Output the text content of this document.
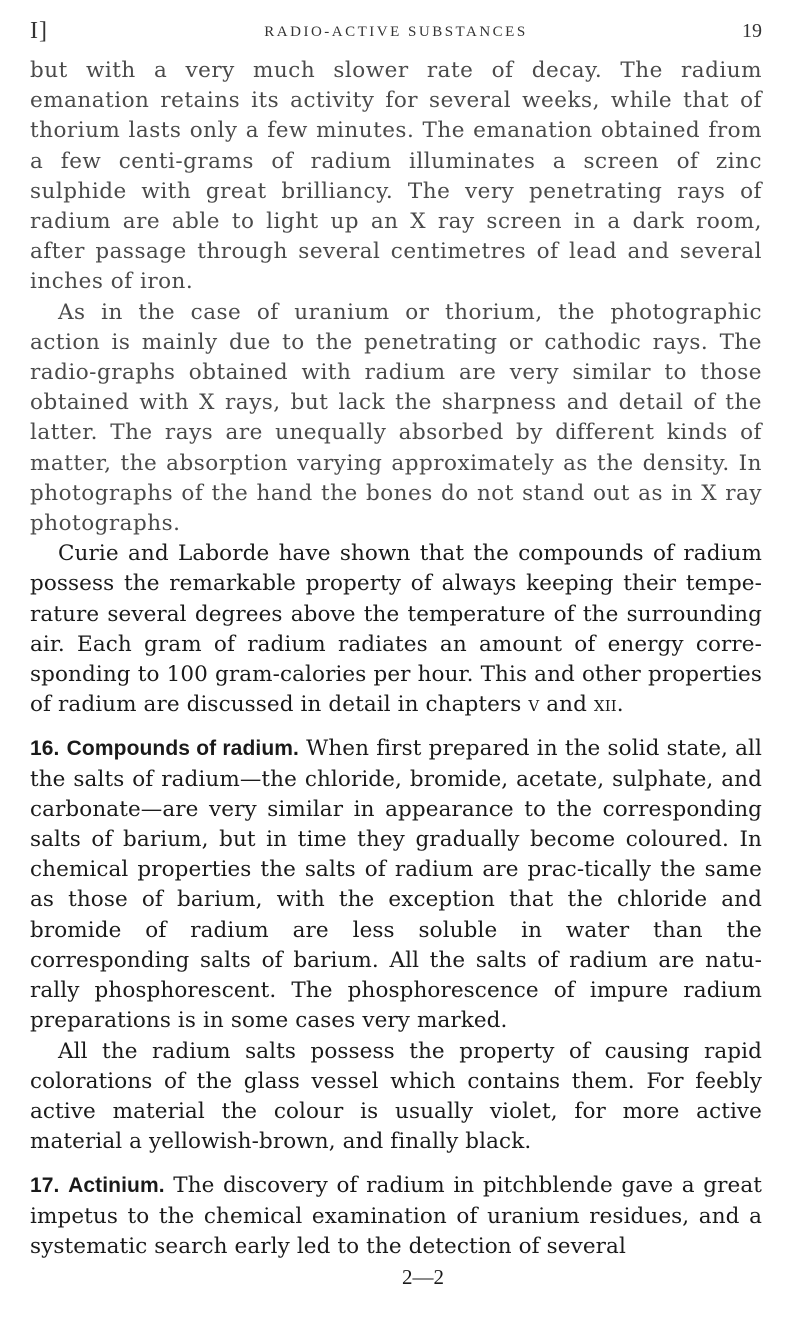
I]	RADIO-ACTIVE SUBSTANCES	19

but with a very much slower rate of decay. The radium emanation retains its activity for several weeks, while that of thorium lasts only a few minutes. The emanation obtained from a few centi-grams of radium illuminates a screen of zinc sulphide with great brilliancy. The very penetrating rays of radium are able to light up an X ray screen in a dark room, after passage through several centimetres of lead and several inches of iron.

As in the case of uranium or thorium, the photographic action is mainly due to the penetrating or cathodic rays. The radio-graphs obtained with radium are very similar to those obtained with X rays, but lack the sharpness and detail of the latter. The rays are unequally absorbed by different kinds of matter, the absorption varying approximately as the density. In photographs of the hand the bones do not stand out as in X ray photographs.

Curie and Laborde have shown that the compounds of radium possess the remarkable property of always keeping their tempe-rature several degrees above the temperature of the surrounding air. Each gram of radium radiates an amount of energy corre-sponding to 100 gram-calories per hour. This and other properties of radium are discussed in detail in chapters v and xii.

16. Compounds of radium. When first prepared in the solid state, all the salts of radium—the chloride, bromide, acetate, sulphate, and carbonate—are very similar in appearance to the corresponding salts of barium, but in time they gradually become coloured. In chemical properties the salts of radium are prac-tically the same as those of barium, with the exception that the chloride and bromide of radium are less soluble in water than the corresponding salts of barium. All the salts of radium are natu-rally phosphorescent. The phosphorescence of impure radium preparations is in some cases very marked.

All the radium salts possess the property of causing rapid colorations of the glass vessel which contains them. For feebly active material the colour is usually violet, for more active material a yellowish-brown, and finally black.

17. Actinium. The discovery of radium in pitchblende gave a great impetus to the chemical examination of uranium residues, and a systematic search early led to the detection of several

2—2
